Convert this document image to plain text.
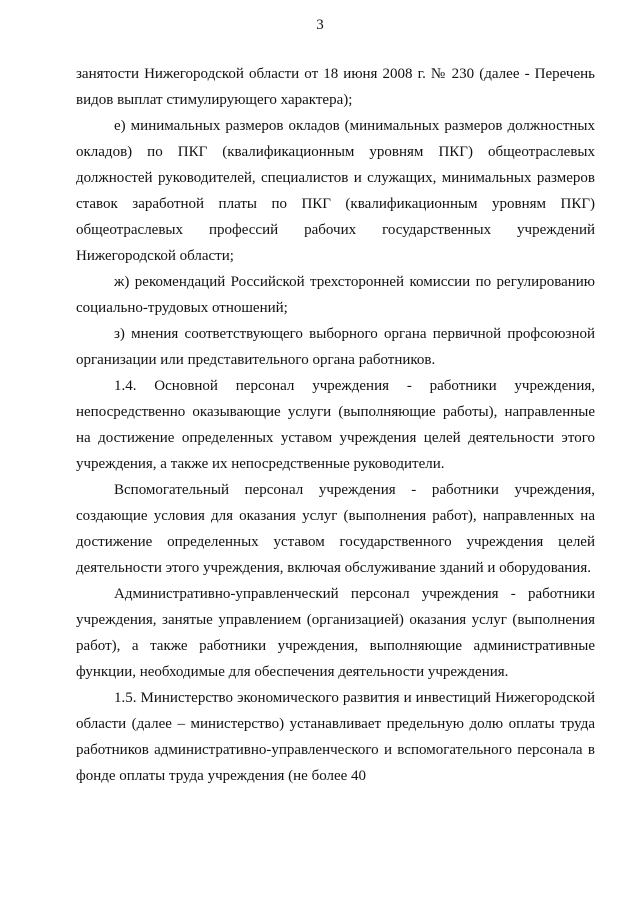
3

занятости Нижегородской области от 18 июня 2008 г. № 230 (далее - Перечень видов выплат стимулирующего характера);

е) минимальных размеров окладов (минимальных размеров должностных окладов) по ПКГ (квалификационным уровням ПКГ) общеотраслевых должностей руководителей, специалистов и служащих, минимальных размеров ставок заработной платы по ПКГ (квалификационным уровням ПКГ) общеотраслевых профессий рабочих государственных учреждений Нижегородской области;

ж) рекомендаций Российской трехсторонней комиссии по регулированию социально-трудовых отношений;

з) мнения соответствующего выборного органа первичной профсоюзной организации или представительного органа работников.

1.4. Основной персонал учреждения - работники учреждения, непосредственно оказывающие услуги (выполняющие работы), направленные на достижение определенных уставом учреждения целей деятельности этого учреждения, а также их непосредственные руководители.

Вспомогательный персонал учреждения - работники учреждения, создающие условия для оказания услуг (выполнения работ), направленных на достижение определенных уставом государственного учреждения целей деятельности этого учреждения, включая обслуживание зданий и оборудования.

Административно-управленческий персонал учреждения - работники учреждения, занятые управлением (организацией) оказания услуг (выполнения работ), а также работники учреждения, выполняющие административные функции, необходимые для обеспечения деятельности учреждения.

1.5. Министерство экономического развития и инвестиций Нижегородской области (далее – министерство) устанавливает предельную долю оплаты труда работников административно-управленческого и вспомогательного персонала в фонде оплаты труда учреждения (не более 40
